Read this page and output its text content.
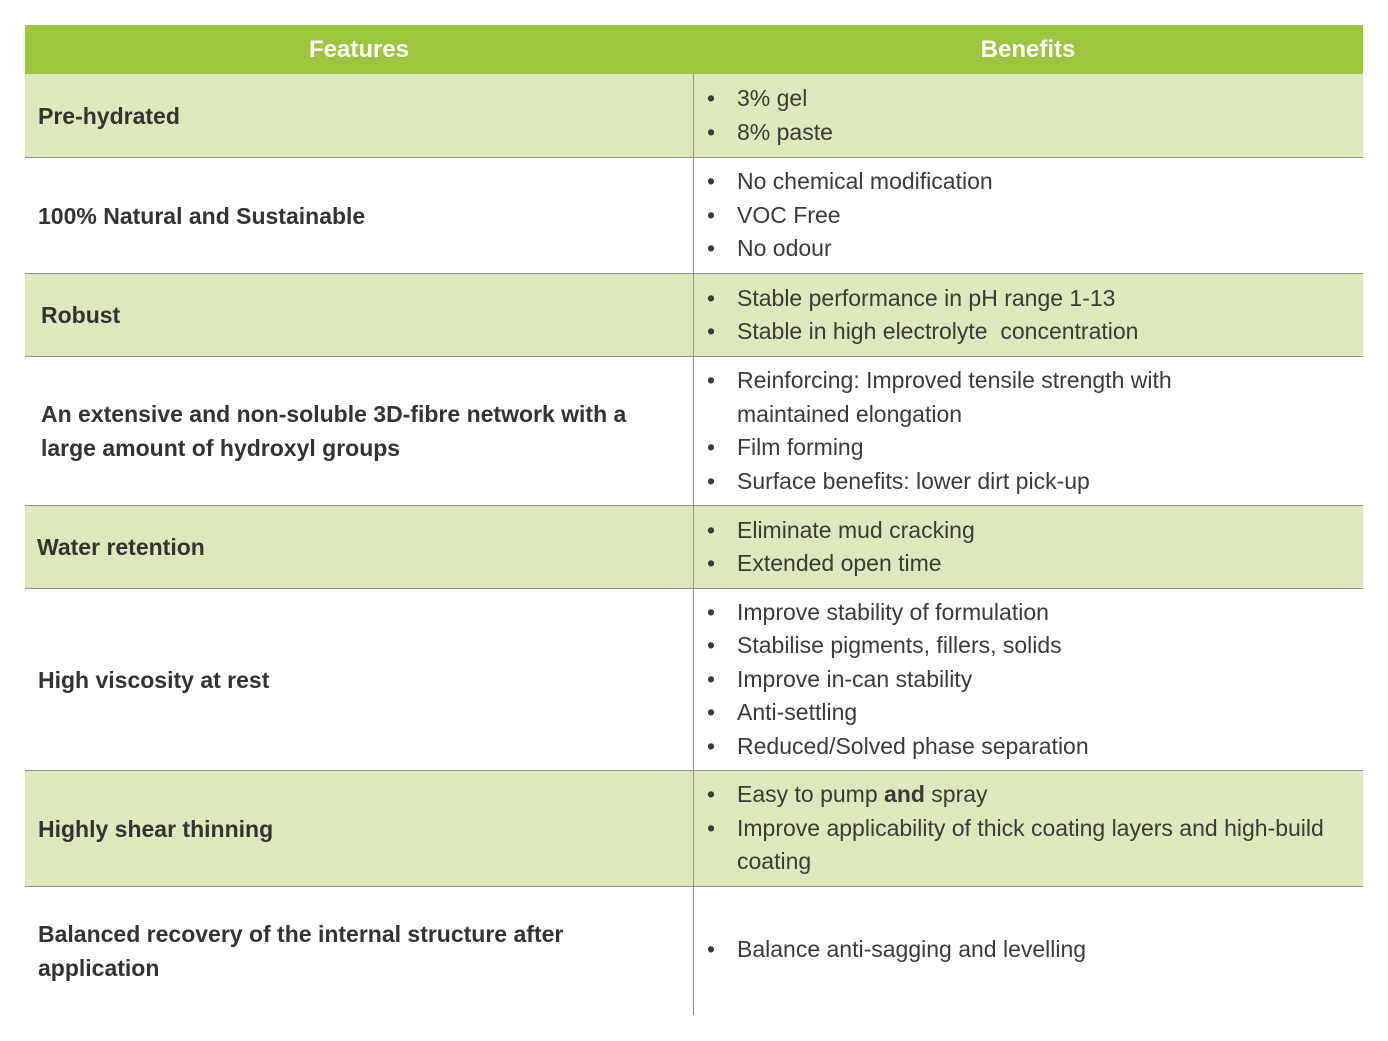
Features	Benefits
Pre-hydrated
• 3% gel
• 8% paste
100% Natural and Sustainable
• No chemical modification
• VOC Free
• No odour
Robust
• Stable performance in pH range 1-13
• Stable in high electrolyte  concentration
An extensive and non-soluble 3D-fibre network with a large amount of hydroxyl groups
• Reinforcing: Improved tensile strength with maintained elongation
• Film forming
• Surface benefits: lower dirt pick-up
Water retention
• Eliminate mud cracking
• Extended open time
High viscosity at rest
• Improve stability of formulation
• Stabilise pigments, fillers, solids
• Improve in-can stability
• Anti-settling
• Reduced/Solved phase separation
Highly shear thinning
• Easy to pump and spray
• Improve applicability of thick coating layers and high-build coating
Balanced recovery of the internal structure after application
• Balance anti-sagging and levelling
